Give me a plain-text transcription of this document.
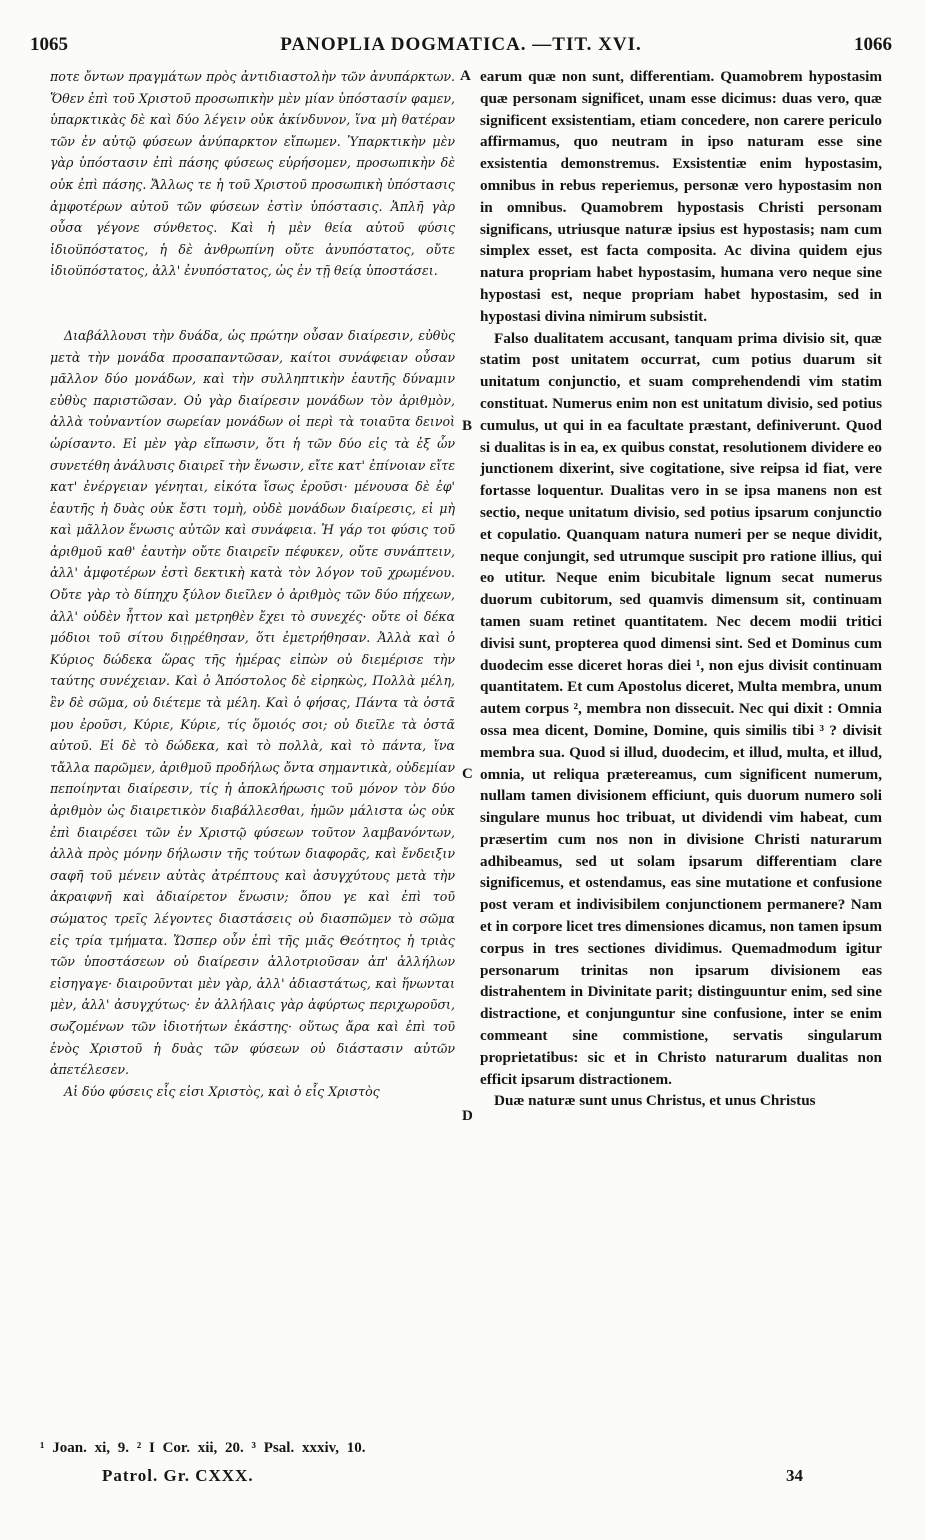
1065	PANOPLIA DOGMATICA. —TIT. XVI.	1066

ποτε ὄντων πραγμάτων πρὸς ἀντιδιαστολὴν τῶν ἀνυπάρκτων. Ὅθεν ἐπὶ τοῦ Χριστοῦ προσωπικὴν μὲν μίαν ὑπόστασίν φαμεν, ὑπαρκτικὰς δὲ καὶ δύο λέγειν οὐκ ἀκίνδυνον, ἵνα μὴ θατέραν τῶν ἐν αὐτῷ φύσεων ἀνύπαρκτον εἴπωμεν. Ὑπαρκτικὴν μὲν γὰρ ὑπόστασιν ἐπὶ πάσης φύσεως εὑρήσομεν, προσωπικὴν δὲ οὐκ ἐπὶ πάσης. Ἄλλως τε ἡ τοῦ Χριστοῦ προσωπικὴ ὑπόστασις ἀμφοτέρων αὐτοῦ τῶν φύσεων ἐστὶν ὑπόστασις. Ἁπλῆ γὰρ οὖσα γέγονε σύνθετος. Καὶ ἡ μὲν θεία αὐτοῦ φύσις ἰδιοϋπόστατος, ἡ δὲ ἀνθρωπίνη οὔτε ἀνυπόστατος, οὔτε ἰδιοϋπόστατος, ἀλλ' ἐνυπόστατος, ὡς ἐν τῇ θείᾳ ὑποστάσει.

Διαβάλλουσι τὴν δυάδα, ὡς πρώτην οὖσαν διαίρεσιν, εὐθὺς μετὰ τὴν μονάδα προσαπαντῶσαν, καίτοι συνάφειαν οὖσαν μᾶλλον δύο μονάδων, καὶ τὴν συλληπτικὴν ἑαυτῆς δύναμιν εὐθὺς παριστῶσαν. Οὐ γὰρ διαίρεσιν μονάδων τὸν ἀριθμὸν, ἀλλὰ τοὐναντίον σωρείαν μονάδων οἱ περὶ τὰ τοιαῦτα δεινοὶ ὡρίσαντο. Εἰ μὲν γὰρ εἴπωσιν, ὅτι ἡ τῶν δύο εἰς τὰ ἐξ ὧν συνετέθη ἀνάλυσις διαιρεῖ τὴν ἕνωσιν, εἴτε κατ' ἐπίνοιαν εἴτε κατ' ἐνέργειαν γένηται, εἰκότα ἴσως ἐροῦσι· μένουσα δὲ ἐφ' ἑαυτῆς ἡ δυὰς οὐκ ἔστι τομὴ, οὐδὲ μονάδων διαίρεσις, εἰ μὴ καὶ μᾶλλον ἕνωσις αὐτῶν καὶ συνάφεια. Ἡ γάρ τοι φύσις τοῦ ἀριθμοῦ καθ' ἑαυτὴν οὔτε διαιρεῖν πέφυκεν, οὔτε συνάπτειν, ἀλλ' ἀμφοτέρων ἐστὶ δεκτικὴ κατὰ τὸν λόγον τοῦ χρωμένου. Οὔτε γὰρ τὸ δίπηχυ ξύλον διεῖλεν ὁ ἀριθμὸς τῶν δύο πήχεων, ἀλλ' οὐδὲν ἧττον καὶ μετρηθὲν ἔχει τὸ συνεχές· οὔτε οἱ δέκα μόδιοι τοῦ σίτου διῃρέθησαν, ὅτι ἐμετρήθησαν. Ἀλλὰ καὶ ὁ Κύριος δώδεκα ὥρας τῆς ἡμέρας εἰπὼν οὐ διεμέρισε τὴν ταύτης συνέχειαν. Καὶ ὁ Ἀπόστολος δὲ εἰρηκὼς, Πολλὰ μέλη, ἓν δὲ σῶμα, οὐ διέτεμε τὰ μέλη. Καὶ ὁ φήσας, Πάντα τὰ ὀστᾶ μου ἐροῦσι, Κύριε, Κύριε, τίς ὅμοιός σοι; οὐ διεῖλε τὰ ὀστᾶ αὐτοῦ. Εἰ δὲ τὸ δώδεκα, καὶ τὸ πολλὰ, καὶ τὸ πάντα, ἵνα τἄλλα παρῶμεν, ἀριθμοῦ προδήλως ὄντα σημαντικὰ, οὐδεμίαν πεποίηνται διαίρεσιν, τίς ἡ ἀποκλήρωσις τοῦ μόνον τὸν δύο ἀριθμὸν ὡς διαιρετικὸν διαβάλλεσθαι, ἡμῶν μάλιστα ὡς οὐκ ἐπὶ διαιρέσει τῶν ἐν Χριστῷ φύσεων τοῦτον λαμβανόντων, ἀλλὰ πρὸς μόνην δήλωσιν τῆς τούτων διαφορᾶς, καὶ ἔνδειξιν σαφῆ τοῦ μένειν αὐτὰς ἀτρέπτους καὶ ἀσυγχύτους μετὰ τὴν ἀκραιφνῆ καὶ ἀδιαίρετον ἕνωσιν; ὅπου γε καὶ ἐπὶ τοῦ σώματος τρεῖς λέγοντες διαστάσεις οὐ διασπῶμεν τὸ σῶμα εἰς τρία τμήματα. Ὥσπερ οὖν ἐπὶ τῆς μιᾶς Θεότητος ἡ τριὰς τῶν ὑποστάσεων οὐ διαίρεσιν ἀλλοτριοῦσαν ἀπ' ἀλλήλων εἰσηγαγε· διαιροῦνται μὲν γὰρ, ἀλλ' ἀδιαστάτως, καὶ ἥνωνται μὲν, ἀλλ' ἀσυγχύτως· ἐν ἀλλήλαις γὰρ ἀφύρτως περιχωροῦσι, σωζομένων τῶν ἰδιοτήτων ἑκάστης· οὕτως ἄρα καὶ ἐπὶ τοῦ ἑνὸς Χριστοῦ ἡ δυὰς τῶν φύσεων οὐ διάστασιν αὐτῶν ἀπετέλεσεν.

Αἱ δύο φύσεις εἷς εἰσι Χριστὸς, καὶ ὁ εἷς Χριστὸς

earum quæ non sunt, differentiam. Quamobrem hypostasim quæ personam significet, unam esse dicimus: duas vero, quæ significent exsistentiam, etiam concedere, non carere periculo affirmamus, quo neutram in ipso naturam esse sine exsistentia demonstremus. Exsistentiæ enim hypostasim, omnibus in rebus reperiemus, personæ vero hypostasim non in omnibus. Quamobrem hypostasis Christi personam significans, utriusque naturæ ipsius est hypostasis; nam cum simplex esset, est facta composita. Ac divina quidem ejus natura propriam habet hypostasim, humana vero neque sine hypostasi est, neque propriam habet hypostasim, sed in hypostasi divina nimirum subsistit.

Falso dualitatem accusant, tanquam prima divisio sit, quæ statim post unitatem occurrat, cum potius duarum sit unitatum conjunctio, et suam comprehendendi vim statim constituat. Numerus enim non est unitatum divisio, sed potius cumulus, ut qui in ea facultate præstant, definiverunt. Quod si dualitas is in ea, ex quibus constat, resolutionem dividere eo junctionem dixerint, sive cogitatione, sive reipsa id fiat, vere fortasse loquentur. Dualitas vero in se ipsa manens non est sectio, neque unitatum divisio, sed potius ipsarum conjunctio et copulatio. Quanquam natura numeri per se neque dividit, neque conjungit, sed utrumque suscipit pro ratione illius, qui eo utitur. Neque enim bicubitale lignum secat numerus duorum cubitorum, sed quamvis dimensum sit, continuam tamen suam retinet quantitatem. Nec decem modii tritici divisi sunt, propterea quod dimensi sint. Sed et Dominus cum duodecim esse diceret horas diei ¹, non ejus divisit continuam quantitatem. Et cum Apostolus diceret, Multa membra, unum autem corpus ², membra non dissecuit. Nec qui dixit : Omnia ossa mea dicent, Domine, Domine, quis similis tibi ³ ? divisit membra sua. Quod si illud, duodecim, et illud, multa, et illud, omnia, ut reliqua prætereamus, cum significent numerum, nullam tamen divisionem efficiunt, quis duorum numero soli singulare munus hoc tribuat, ut dividendi vim habeat, cum præsertim cum nos non in divisione Christi naturarum adhibeamus, sed ut solam ipsarum differentiam clare significemus, et ostendamus, eas sine mutatione et confusione post veram et indivisibilem conjunctionem permanere? Nam et in corpore licet tres dimensiones dicamus, non tamen ipsum corpus in tres sectiones dividimus. Quemadmodum igitur personarum trinitas non ipsarum divisionem eas distrahentem in Divinitate parit; distinguuntur enim, sed sine distractione, et conjunguntur sine confusione, inter se enim commeant sine commistione, servatis singularum proprietatibus: sic et in Christo naturarum dualitas non efficit ipsarum distractionem.

Duæ naturæ sunt unus Christus, et unus Christus

A
B
C
D
¹ Joan. xi, 9. ² I Cor. xii, 20. ³ Psal. xxxiv, 10.
Patrol. Gr. CXXX.	34
